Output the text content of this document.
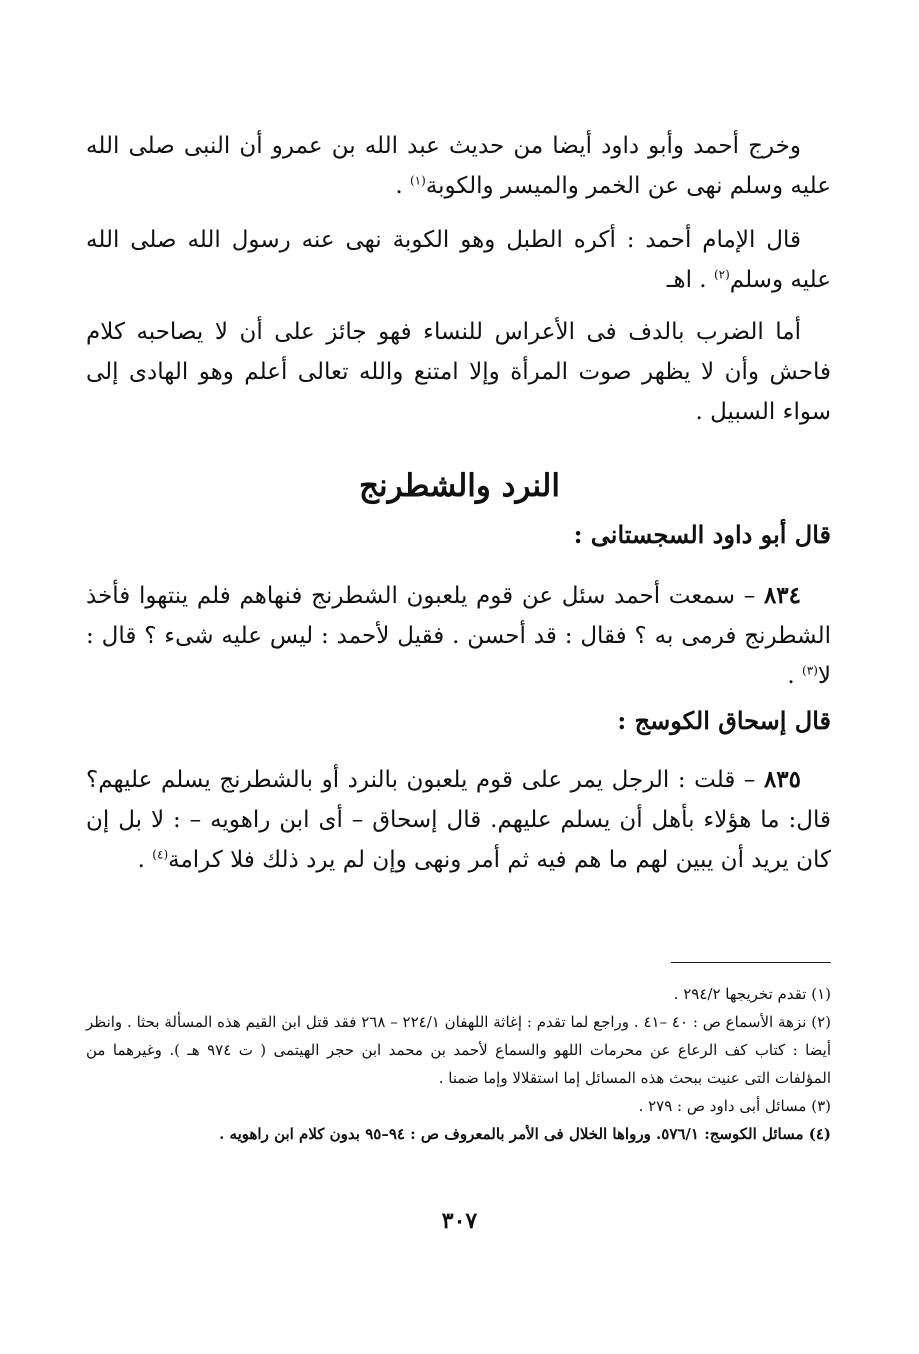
وخرج أحمد وأبو داود أيضا من حديث عبد الله بن عمرو أن النبى صلى الله عليه وسلم نهى عن الخمر والميسر والكوبة$^{(١)}$ .
قال الإمام أحمد : أكره الطبل وهو الكوبة نهى عنه رسول الله صلى الله عليه وسلم$^{(٢)}$ . اهـ
أما الضرب بالدف فى الأعراس للنساء فهو جائز على أن لا يصاحبه كلام فاحش وأن لا يظهر صوت المرأة وإلا امتنع والله تعالى أعلم وهو الهادى إلى سواء السبيل .
النرد والشطرنج
قال أبو داود السجستانى :
٨٣٤ – سمعت أحمد سئل عن قوم يلعبون الشطرنج فنهاهم فلم ينتهوا فأخذ الشطرنج فرمى به ؟ فقال : قد أحسن . فقيل لأحمد : ليس عليه شىء ؟ قال : لا$^{(٣)}$ .
قال إسحاق الكوسج :
٨٣٥ – قلت : الرجل يمر على قوم يلعبون بالنرد أو بالشطرنج يسلم عليهم؟ قال: ما هؤلاء بأهل أن يسلم عليهم. قال إسحاق – أى ابن راهويه – : لا بل إن كان يريد أن يبين لهم ما هم فيه ثم أمر ونهى وإن لم يرد ذلك فلا كرامة$^{(٤)}$ .
(١) تقدم تخريجها ٢٩٤/٢ .
(٢) نزهة الأسماع ص : ٤٠ –٤١ . وراجع لما تقدم : إغاثة اللهفان ٢٢٤/١ – ٢٦٨ فقد قتل ابن القيم هذه المسألة بحثا . وانظر أيضا : كتاب كف الرعاع عن محرمات اللهو والسماع لأحمد بن محمد ابن حجر الهيتمى ( ت ٩٧٤ هـ ). وغيرهما من المؤلفات التى عنيت ببحث هذه المسائل إما استقلالا وإما ضمنا .
(٣) مسائل أبى داود ص : ٢٧٩ .
(٤) مسائل الكوسج: ٥٧٦/١. ورواها الخلال فى الأمر بالمعروف ص : ٩٤–٩٥ بدون كلام ابن راهويه .
٣٠٧
